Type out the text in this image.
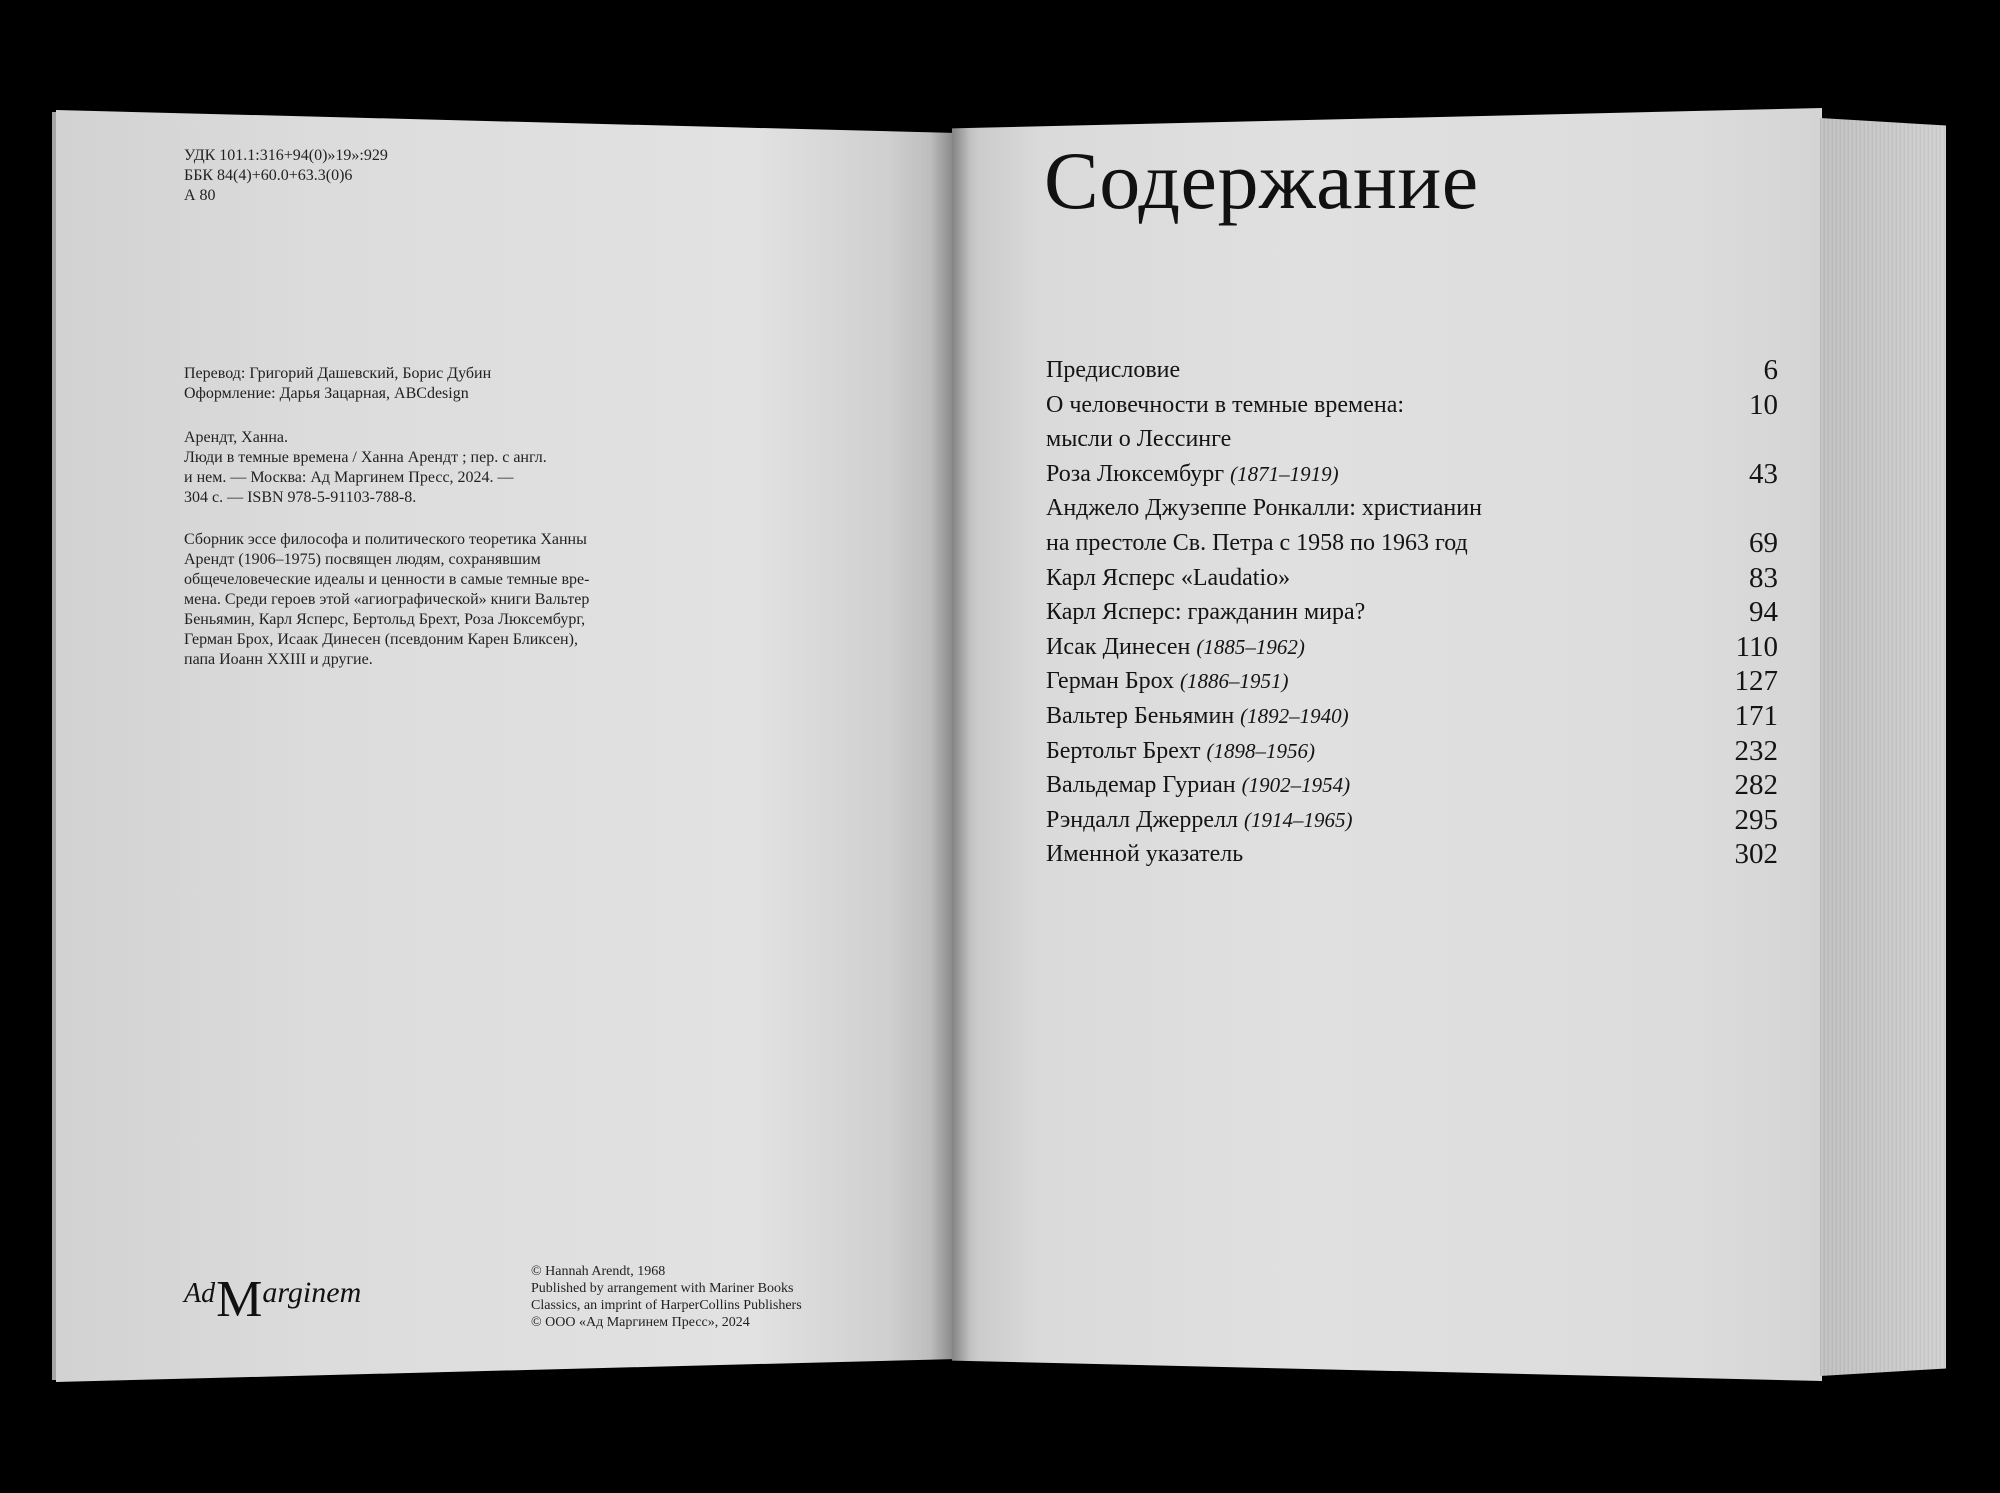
УДК 101.1:316+94(0)»19»:929
ББК 84(4)+60.0+63.3(0)6
А 80
Перевод: Григорий Дашевский, Борис Дубин
Оформление: Дарья Зацарная, ABCdesign
Арендт, Ханна.
Люди в темные времена / Ханна Арендт ; пер. с англ.
и нем. — Москва: Ад Маргинем Пресс, 2024. —
304 с. — ISBN 978-5-91103-788-8.
Сборник эссе философа и политического теоретика Ханны
Арендт (1906–1975) посвящен людям, сохранявшим
общечеловеческие идеалы и ценности в самые темные вре-
мена. Среди героев этой «агиографической» книги Вальтер
Беньямин, Карл Ясперс, Бертольд Брехт, Роза Люксембург,
Герман Брох, Исаак Динесен (псевдоним Карен Бликсен),
папа Иоанн XXIII и другие.
AdMarginem
© Hannah Arendt, 1968
Published by arrangement with Mariner Books
Classics, an imprint of HarperCollins Publishers
© ООО «Ад Маргинем Пресс», 2024
Содержание
Предисловие	6
О человечности в темные времена:	10
мысли о Лессинге
Роза Люксембург (1871–1919)	43
Анджело Джузеппе Ронкалли: христианин
на престоле Св. Петра с 1958 по 1963 год	69
Карл Ясперс «Laudatio»	83
Карл Ясперс: гражданин мира?	94
Исак Динесен (1885–1962)	110
Герман Брох (1886–1951)	127
Вальтер Беньямин (1892–1940)	171
Бертольт Брехт (1898–1956)	232
Вальдемар Гуриан (1902–1954)	282
Рэндалл Джеррелл (1914–1965)	295
Именной указатель	302
